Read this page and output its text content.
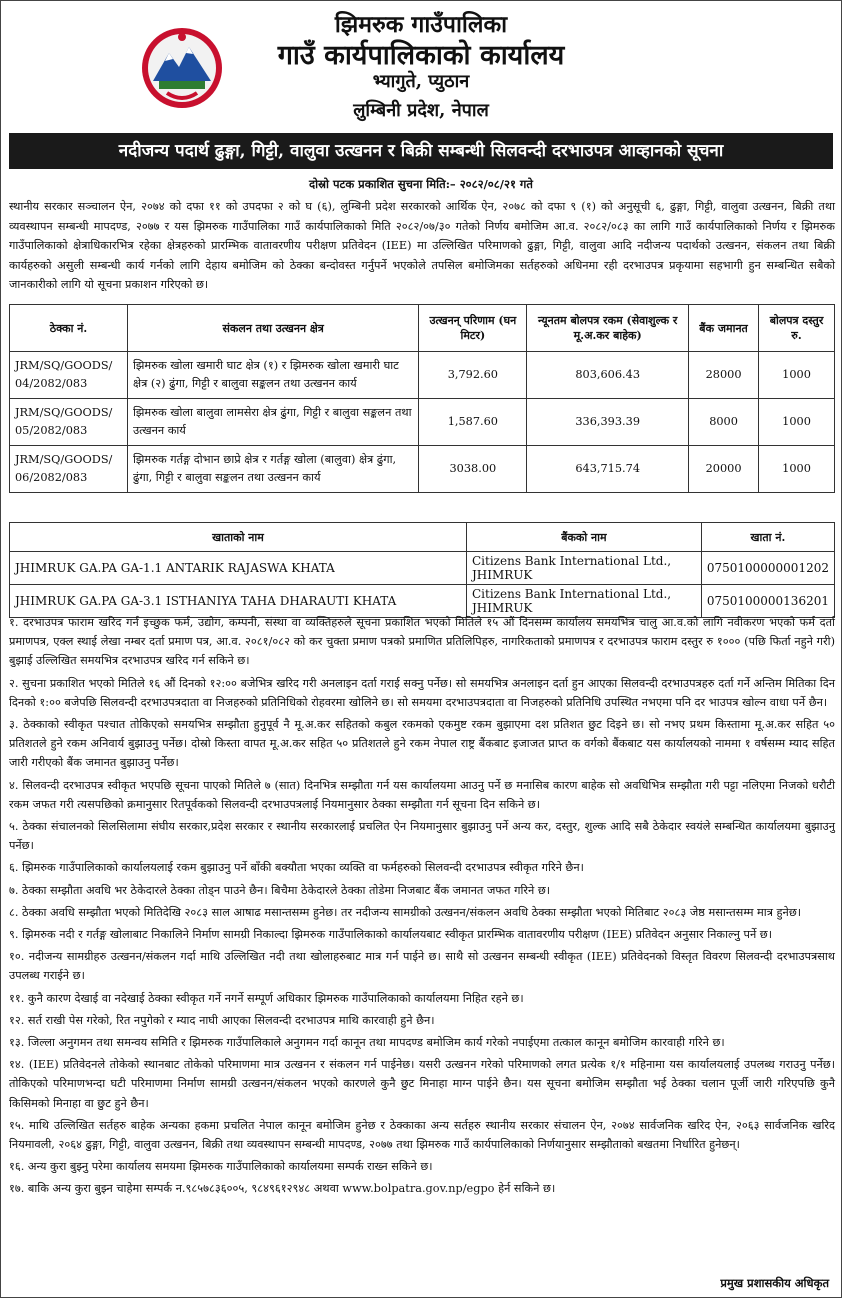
झिमरुक गाउँपालिका
गाउँ कार्यपालिकाको कार्यालय
भ्यागुते, प्युठान
लुम्बिनी प्रदेश, नेपाल
नदीजन्य पदार्थ ढुङ्गा, गिट्टी, वालुवा उत्खनन र बिक्री सम्बन्धी सिलवन्दी दरभाउपत्र आव्हानको सूचना
दोस्रो पटक प्रकाशित सुचना मिति:– २०८२/०८/२१ गते
स्थानीय सरकार सञ्चालन ऐन, २०७४ को दफा ११ को उपदफा २ को घ (६), लुम्बिनी प्रदेश सरकारको आर्थिक ऐन, २०७८ को दफा ९ (१) को अनुसूची ६, ढुङ्गा, गिट्टी, वालुवा उत्खनन, बिक्री तथा व्यवस्थापन सम्बन्धी मापदण्ड, २०७७ र यस झिमरुक गाउँपालिका गाउँ कार्यपालिकाको मिति २०८२/०७/३० गतेको निर्णय बमोजिम आ.व. २०८२/०८३ का लागि गाउँ कार्यपालिकाको निर्णय र झिमरुक गाउँपालिकाको क्षेत्राधिकारभित्र रहेका क्षेत्रहरुको प्रारम्भिक वातावरणीय परीक्षण प्रतिवेदन (IEE) मा उल्लिखित परिमाणको ढुङ्गा, गिट्टी, वालुवा आदि नदीजन्य पदार्थको उत्खनन, संकलन तथा बिक्री कार्यहरुको असुली सम्बन्धी कार्य गर्नको लागि देहाय बमोजिम को ठेक्का बन्दोवस्त गर्नुपर्ने भएकोले तपसिल बमोजिमका सर्तहरुको अधिनमा रही दरभाउपत्र प्रकृयामा सहभागी हुन सम्बन्धित सबैको जानकारीको लागि यो सूचना प्रकाशन गरिएको छ।
ठेक्का नं.	संकलन तथा उत्खनन क्षेत्र	उत्खनन् परिणाम (घन मिटर)	न्यूनतम बोलपत्र रकम (सेवाशुल्क र मू.अ.कर बाहेक)	बैंक जमानत	बोलपत्र दस्तुर रु.
JRM/SQ/GOODS/ 04/2082/083	झिमरुक खोला खमारी घाट क्षेत्र (१) र झिमरुक खोला खमारी घाट क्षेत्र (२) ढुंगा, गिट्टी र बालुवा सङ्कलन तथा उत्खनन कार्य	3,792.60	803,606.43	28000	1000
JRM/SQ/GOODS/ 05/2082/083	झिमरुक खोला बालुवा लामसेरा क्षेत्र ढुंगा, गिट्टी र बालुवा सङ्कलन तथा उत्खनन कार्य	1,587.60	336,393.39	8000	1000
JRM/SQ/GOODS/ 06/2082/083	झिमरुक गर्तङ्ग दोभान छाप्रे क्षेत्र र गर्तङ्ग खोला (बालुवा) क्षेत्र ढुंगा, ढुंगा, गिट्टी र बालुवा सङ्कलन तथा उत्खनन कार्य	3038.00	643,715.74	20000	1000
खाताको नाम	बैंकको नाम	खाता नं.
JHIMRUK GA.PA GA-1.1 ANTARIK RAJASWA KHATA	Citizens Bank International Ltd., JHIMRUK	0750100000001202
JHIMRUK GA.PA GA-3.1 ISTHANIYA TAHA DHARAUTI KHATA	Citizens Bank International Ltd., JHIMRUK	0750100000136201

१. दरभाउपत्र फाराम खरिद गर्न इच्छुक फर्म, उद्योग, कम्पनी, संस्था वा व्यक्तिहरुले सूचना प्रकाशित भएको मितिले १५ औं दिनसम्म कार्यालय समयभित्र चालु आ.व.को लागि नवीकरण भएको फर्म दर्ता प्रमाणपत्र, एक्ल स्थाई लेखा नम्बर दर्ता प्रमाण पत्र, आ.व. २०८१/०८२ को कर चुक्ता प्रमाण पत्रको प्रमाणित प्रतिलिपिहरु, नागरिकताको प्रमाणपत्र र दरभाउपत्र फाराम दस्तुर रु १००० (पछि फिर्ता नहुने गरी) बुझाई उल्लिखित समयभित्र दरभाउपत्र खरिद गर्न सकिने छ।

२. सुचना प्रकाशित भएको मितिले १६ औं दिनको १२:०० बजेभित्र खरिद गरी अनलाइन दर्ता गराई सक्नु पर्नेछ। सो समयभित्र अनलाइन दर्ता हुन आएका सिलवन्दी दरभाउपत्रहरु दर्ता गर्ने अन्तिम मितिका दिन दिनको १:०० बजेपछि सिलवन्दी दरभाउपत्रदाता वा निजहरुको प्रतिनिधिको रोहवरमा खोलिने छ। सो समयमा दरभाउपत्रदाता वा निजहरुको प्रतिनिधि उपस्थित नभएमा पनि दर भाउपत्र खोल्न वाधा पर्ने छैन।

३. ठेक्काको स्वीकृत पश्चात तोकिएको समयभित्र सम्झौता हुनुपूर्व नै मू.अ.कर सहितको कबुल रकमको एकमुष्ट रकम बुझाएमा दश प्रतिशत छुट दिइने छ। सो नभए प्रथम किस्तामा मू.अ.कर सहित ५० प्रतिशतले हुने रकम अनिवार्य बुझाउनु पर्नेछ। दोस्रो किस्ता वापत मू.अ.कर सहित ५० प्रतिशतले हुने रकम नेपाल राष्ट्र बैंकबाट इजाजत प्राप्त क वर्गको बैंकबाट यस कार्यालयको नाममा १ वर्षसम्म म्याद सहित जारी गरीएको बैंक जमानत बुझाउनु पर्नेछ।

४. सिलवन्दी दरभाउपत्र स्वीकृत भएपछि सूचना पाएको मितिले ७ (सात) दिनभित्र सम्झौता गर्न यस कार्यालयमा आउनु पर्ने छ मनासिब कारण बाहेक सो अवधिभित्र सम्झौता गरी पट्टा नलिएमा निजको धरौटी रकम जफत गरी त्यसपछिको क्रमानुसार रितपूर्वकको सिलवन्दी दरभाउपत्रलाई नियमानुसार ठेक्का सम्झौता गर्न सूचना दिन सकिने छ।

५. ठेक्का संचालनको सिलसिलामा संघीय सरकार,प्रदेश सरकार र स्थानीय सरकारलाई प्रचलित ऐन नियमानुसार बुझाउनु पर्ने अन्य कर, दस्तुर, शुल्क आदि सबै ठेकेदार स्वयंले सम्बन्धित कार्यालयमा बुझाउनु पर्नेछ।

६. झिमरुक गाउँपालिकाको कार्यालयलाई रकम बुझाउनु पर्ने बाँकी बक्यौता भएका व्यक्ति वा फर्महरुको सिलवन्दी दरभाउपत्र स्वीकृत गरिने छैन।

७. ठेक्का सम्झौता अवधि भर ठेकेदारले ठेक्का तोड्न पाउने छैन। बिचैमा ठेकेदारले ठेक्का तोडेमा निजबाट बैंक जमानत जफत गरिने छ।

८. ठेक्का अवधि सम्झौता भएको मितिदेखि २०८३ साल आषाढ मसान्तसम्म हुनेछ। तर नदीजन्य सामग्रीको उत्खनन/संकलन अवधि ठेक्का सम्झौता भएको मितिबाट २०८३ जेष्ठ मसान्तसम्म मात्र हुनेछ।

९. झिमरुक नदी र गर्तङ्ग खोलाबाट निकालिने निर्माण सामग्री निकाल्दा झिमरुक गाउँपालिकाको कार्यालयबाट स्वीकृत प्रारम्भिक वातावरणीय परीक्षण (IEE) प्रतिवेदन अनुसार निकाल्नु पर्ने छ।

१०. नदीजन्य सामग्रीहरु उत्खनन/संकलन गर्दा माथि उल्लिखित नदी तथा खोलाहरुबाट मात्र गर्न पाईने छ। साथै सो उत्खनन सम्बन्धी स्वीकृत (IEE) प्रतिवेदनको विस्तृत विवरण सिलवन्दी दरभाउपत्रसाथ उपलब्ध गराईने छ।

११. कुनै कारण देखाई वा नदेखाई ठेक्का स्वीकृत गर्ने नगर्ने सम्पूर्ण अधिकार झिमरुक गाउँपालिकाको कार्यालयमा निहित रहने छ।

१२. सर्त राखी पेस गरेको, रित नपुगेको र म्याद नाघी आएका सिलवन्दी दरभाउपत्र माथि कारवाही हुने छैन।

१३. जिल्ला अनुगमन तथा समन्वय समिति र झिमरुक गाउँपालिकाले अनुगमन गर्दा कानून तथा मापदण्ड बमोजिम कार्य गरेको नपाईएमा तत्काल कानून बमोजिम कारवाही गरिने छ।

१४. (IEE) प्रतिवेदनले तोकेको स्थानबाट तोकेको परिमाणमा मात्र उत्खनन र संकलन गर्न पाईनेछ। यसरी उत्खनन गरेको परिमाणको लगत प्रत्येक १/१ महिनामा यस कार्यालयलाई उपलब्ध गराउनु पर्नेछ। तोकिएको परिमाणभन्दा घटी परिमाणमा निर्माण सामग्री उत्खनन/संकलन भएको कारणले कुनै छुट मिनाहा माग्न पाईने छैन। यस सूचना बमोजिम सम्झौता भई ठेक्का चलान पूर्जी जारी गरिएपछि कुनै किसिमको मिनाहा वा छुट हुने छैन।

१५. माथि उल्लिखित सर्तहरु बाहेक अन्यका हकमा प्रचलित नेपाल कानून बमोजिम हुनेछ र ठेक्काका अन्य सर्तहरु स्थानीय सरकार संचालन ऐन, २०७४ सार्वजनिक खरिद ऐन, २०६३ सार्वजनिक खरिद नियमावली, २०६४ ढुङ्गा, गिट्टी, वालुवा उत्खनन, बिक्री तथा व्यवस्थापन सम्बन्धी मापदण्ड, २०७७ तथा झिमरुक गाउँ कार्यपालिकाको निर्णयानुसार सम्झौताको बखतमा निर्धारित हुनेछन्।

१६. अन्य कुरा बुझ्नु परेमा कार्यालय समयमा झिमरुक गाउँपालिकाको कार्यालयमा सम्पर्क राख्न सकिने छ।

१७. बाकि अन्य कुरा बुझ्न चाहेमा सम्पर्क न.९८५७८३६००५, ९८४९६१२९४८ अथवा www.bolpatra.gov.np/egpo हेर्न सकिने छ।

प्रमुख प्रशासकीय अधिकृत
